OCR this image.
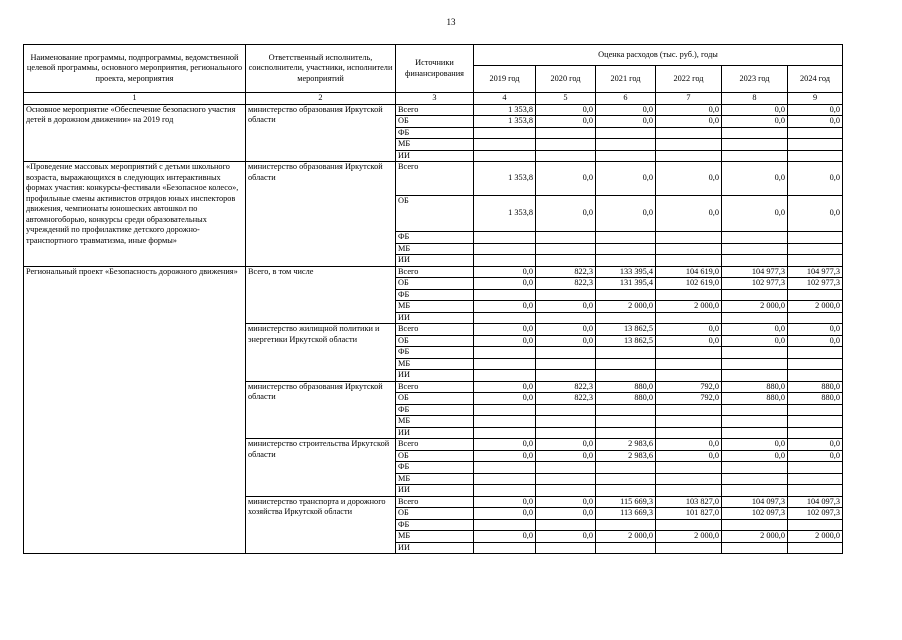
13
Наименование программы, подпрограммы, ведомственной целевой программы, основного мероприятия, регионального проекта, мероприятия	Ответственный исполнитель, соисполнители, участники, исполнители мероприятий	Источники финансирования	Оценка расходов (тыс. руб.), годы					
			2019 год	2020 год	2021 год	2022 год	2023 год	2024 год
1	2	3	4	5	6	7	8	9
Основное мероприятие «Обеспечение безопасного участия детей в дорожном движении» на 2019 год	министерство образования Иркутской области	Всего	1 353,8	0,0	0,0	0,0	0,0	0,0
		ОБ	1 353,8	0,0	0,0	0,0	0,0	0,0
		ФБ						
		МБ						
		ИИ						
«Проведение массовых мероприятий с детьми школьного возраста, выражающихся в следующих интерактивных формах участия: конкурсы-фестивали «Безопасное колесо», профильные смены активистов отрядов юных инспекторов движения, чемпионаты юношеских автошкол по автомногоборью, конкурсы среди образовательных учреждений по профилактике детского дорожно-транспортного травматизма, иные формы»	министерство образования Иркутской области	Всего	1 353,8	0,0	0,0	0,0	0,0	0,0
		ОБ	1 353,8	0,0	0,0	0,0	0,0	0,0
		ФБ						
		МБ						
		ИИ						
Региональный проект «Безопасность дорожного движения»	Всего, в том числе	Всего	0,0	822,3	133 395,4	104 619,0	104 977,3	104 977,3
		ОБ	0,0	822,3	131 395,4	102 619,0	102 977,3	102 977,3
		ФБ						
		МБ	0,0	0,0	2 000,0	2 000,0	2 000,0	2 000,0
		ИИ						
	министерство жилищной политики и энергетики Иркутской области	Всего	0,0	0,0	13 862,5	0,0	0,0	0,0
		ОБ	0,0	0,0	13 862,5	0,0	0,0	0,0
		ФБ						
		МБ						
		ИИ						
	министерство образования Иркутской области	Всего	0,0	822,3	880,0	792,0	880,0	880,0
		ОБ	0,0	822,3	880,0	792,0	880,0	880,0
		ФБ						
		МБ						
		ИИ						
	министерство строительства Иркутской области	Всего	0,0	0,0	2 983,6	0,0	0,0	0,0
		ОБ	0,0	0,0	2 983,6	0,0	0,0	0,0
		ФБ						
		МБ						
		ИИ						
	министерство транспорта и дорожного хозяйства Иркутской области	Всего	0,0	0,0	115 669,3	103 827,0	104 097,3	104 097,3
		ОБ	0,0	0,0	113 669,3	101 827,0	102 097,3	102 097,3
		ФБ						
		МБ	0,0	0,0	2 000,0	2 000,0	2 000,0	2 000,0
		ИИ						
